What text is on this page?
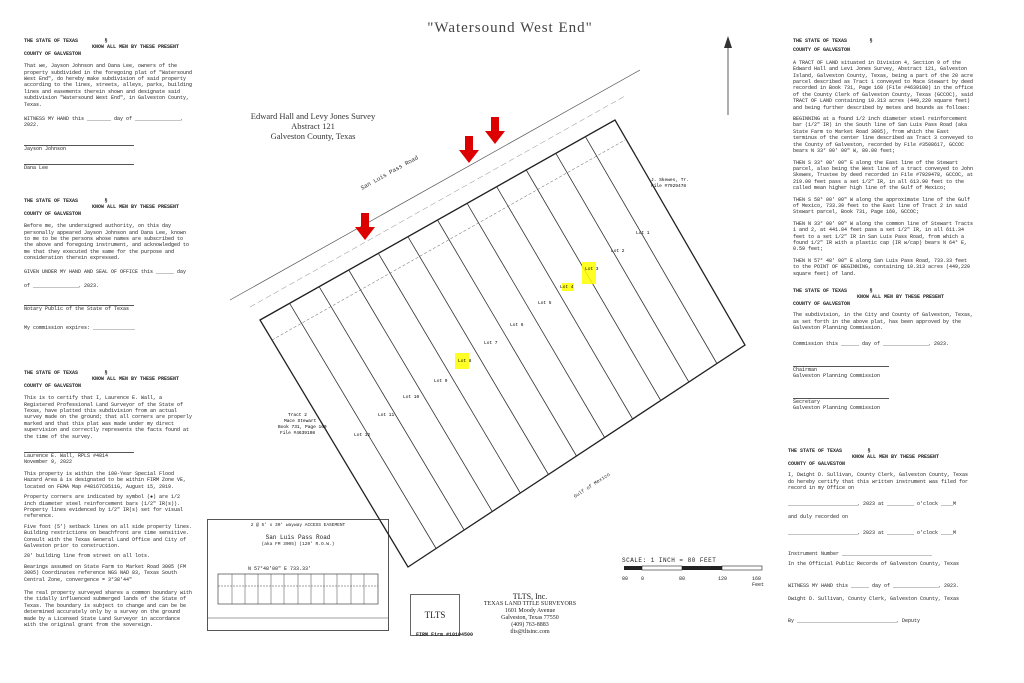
"Watersound West End"
Edward Hall and Levy Jones Survey
Abstract 121
Galveston County, Texas
THE STATE OF TEXAS	§
KNOW ALL MEN BY THESE PRESENT
COUNTY OF GALVESTON
That we, Jayson Johnson and Dana Lee, owners of the property subdivided in the foregoing plat of "Watersound West End", do hereby make subdivision of said property according to the lines, streets, alleys, parks, building lines and easements therein shown and designate said subdivision "Watersound West End", in Galveston County, Texas.
WITNESS MY HAND this ________ day of _______________, 2022.
Jayson Johnson
Dana Lee
THE STATE OF TEXAS	§
KNOW ALL MEN BY THESE PRESENT
COUNTY OF GALVESTON
Before me, the undersigned authority, on this day personally appeared Jayson Johnson and Dana Lee, known to me to be the persons whose names are subscribed to the above and foregoing instrument, and acknowledged to me that they executed the same for the purpose and consideration therein expressed.
GIVEN UNDER MY HAND AND SEAL OF OFFICE this ______ day
of _______________, 2023.
Notary Public of the State of Texas
My commission expires: ______________
THE STATE OF TEXAS	§
KNOW ALL MEN BY THESE PRESENT
COUNTY OF GALVESTON
This is to certify that I, Laurence E. Wall, a Registered Professional Land Surveyor of the State of Texas, have platted this subdivision from an actual survey made on the ground; that all corners are properly marked and that this plat was made under my direct supervision and correctly represents the facts found at the time of the survey.
Laurence E. Wall, RPLS #4814
November 9, 2022
This property is within the 100-Year Special Flood Hazard Area & is designated to be within FIRM Zone VE, located on FEMA Map #48167C0511G, August 15, 2019.
Property corners are indicated by symbol (●) are 1/2 inch diameter steel reinforcement bars (1/2" IR(s)). Property lines evidenced by 1/2" IR(s) set for visual reference.
Five foot (5') setback lines on all side property lines. Building restrictions on beachfront are time sensitive. Consult with the Texas General Land Office and City of Galveston prior to construction.
20' building line from street on all lots.
Bearings assumed on State Farm to Market Road 3005 (FM 3005) Coordinates reference NGS NAD 83, Texas South Central Zone, convergence = 3°38'44"
The real property surveyed shares a common boundary with the tidally influenced submerged lands of the State of Texas. The boundary is subject to change and can be be determined accurately only by a survey on the ground made by a Licensed State Land Surveyor in accordance with the original grant from the sovereign.
THE STATE OF TEXAS	§
COUNTY OF GALVESTON
A TRACT OF LAND situated in Division 4, Section 9 of the Edward Hall and Levi Jones Survey, Abstract 121, Galveston Island, Galveston County, Texas, being a part of the 20 acre parcel described as Tract 1 conveyed to Mace Stewart by deed recorded in Book 731, Page 160 (File #4639108) in the office of the County Clerk of Galveston County, Texas (GCCOC), said TRACT OF LAND containing 10.313 acres (449,220 square feet) and being further described by metes and bounds as follows:
BEGINNING at a found 1/2 inch diameter steel reinforcement bar (1/2" IR) in the South line of San Luis Pass Road (aka State Farm to Market Road 3005), from which the East terminus of the center line described as Tract 3 conveyed to the County of Galveston, recorded by File #3508617, GCCOC bears N 33° 00' 00" W, 80.00 feet;
THEN S 33° 00' 00" E along the East line of the Stewart parcel, also being the West line of a tract conveyed to John Skewes, Trustee by deed recorded in File #7929478, GCCOC, at 219.00 feet pass a set 1/2" IR, in all 613.90 feet to the called mean higher high line of the Gulf of Mexico;
THEN S 58° 00' 00" W along the approximate line of the Gulf of Mexico, 733.39 feet to the East line of Tract 2 in said Stewart parcel, Book 731, Page 160, GCCOC;
THEN N 33° 00' 00" W along the common line of Stewart Tracts 1 and 2, at 441.84 feet pass a set 1/2" IR, in all 611.34 feet to a set 1/2" IR in San Luis Pass Road, from which a found 1/2" IR with a plastic cap (IR w/cap) bears N 64° E, 0.59 feet;
THEN N 57° 48' 00" E along San Luis Pass Road, 733.33 feet to the POINT OF BEGINNING, containing 10.313 acres (449,220 square feet) of land.
THE STATE OF TEXAS	§
KNOW ALL MEN BY THESE PRESENT
COUNTY OF GALVESTON
The subdivision, in the City and County of Galveston, Texas, as set forth in the above plat, has been approved by the Galveston Planning Commission.
Commission this ______ day of _______________, 2023.
Chairman
Galveston Planning Commission
Secretary
Galveston Planning Commission
THE STATE OF TEXAS	§
KNOW ALL MEN BY THESE PRESENT
COUNTY OF GALVESTON
I, Dwight D. Sullivan, County Clerk, Galveston County, Texas do hereby certify that this written instrument was filed for record in my Office on
_______________________, 2023 at _________ o'clock ____M
and duly recorded on
_______________________, 2023 at _________ o'clock ____M
Instrument Number ______________________________
In the Official Public Records of Galveston County, Texas
WITNESS MY HAND this ______ day of _______________, 2023.
Dwight D. Sullivan, County Clerk, Galveston County, Texas
By _________________________________, Deputy
TLTS
TLTS, Inc.
TEXAS LAND TITLE SURVEYORS
1601 Moody Avenue
Galveston, Texas 77550
(409) 763-8883
tlts@tltsinc.com
FIRM Firm #10104500
SCALE: 1 INCH = 80 FEET
80	0	80	120	160 Feet
2 @ 5' x 30' wayway ACCESS EASEMENT
San Luis Pass Road
(aka FM 3005) (120' R.O.W.)
N 57°48'00" E 733.33'
San Luis Pass Road
Gulf of Mexico
Lot 1
Lot 2
Lot 3
Lot 4
Lot 5
Lot 6
Lot 7
Lot 8
Lot 9
Lot 10
Lot 11
Lot 12
J. Skewes, Tr.
File #7929478
Tract 2
Mace Stewart
Book 731, Page 160
File #4639108
